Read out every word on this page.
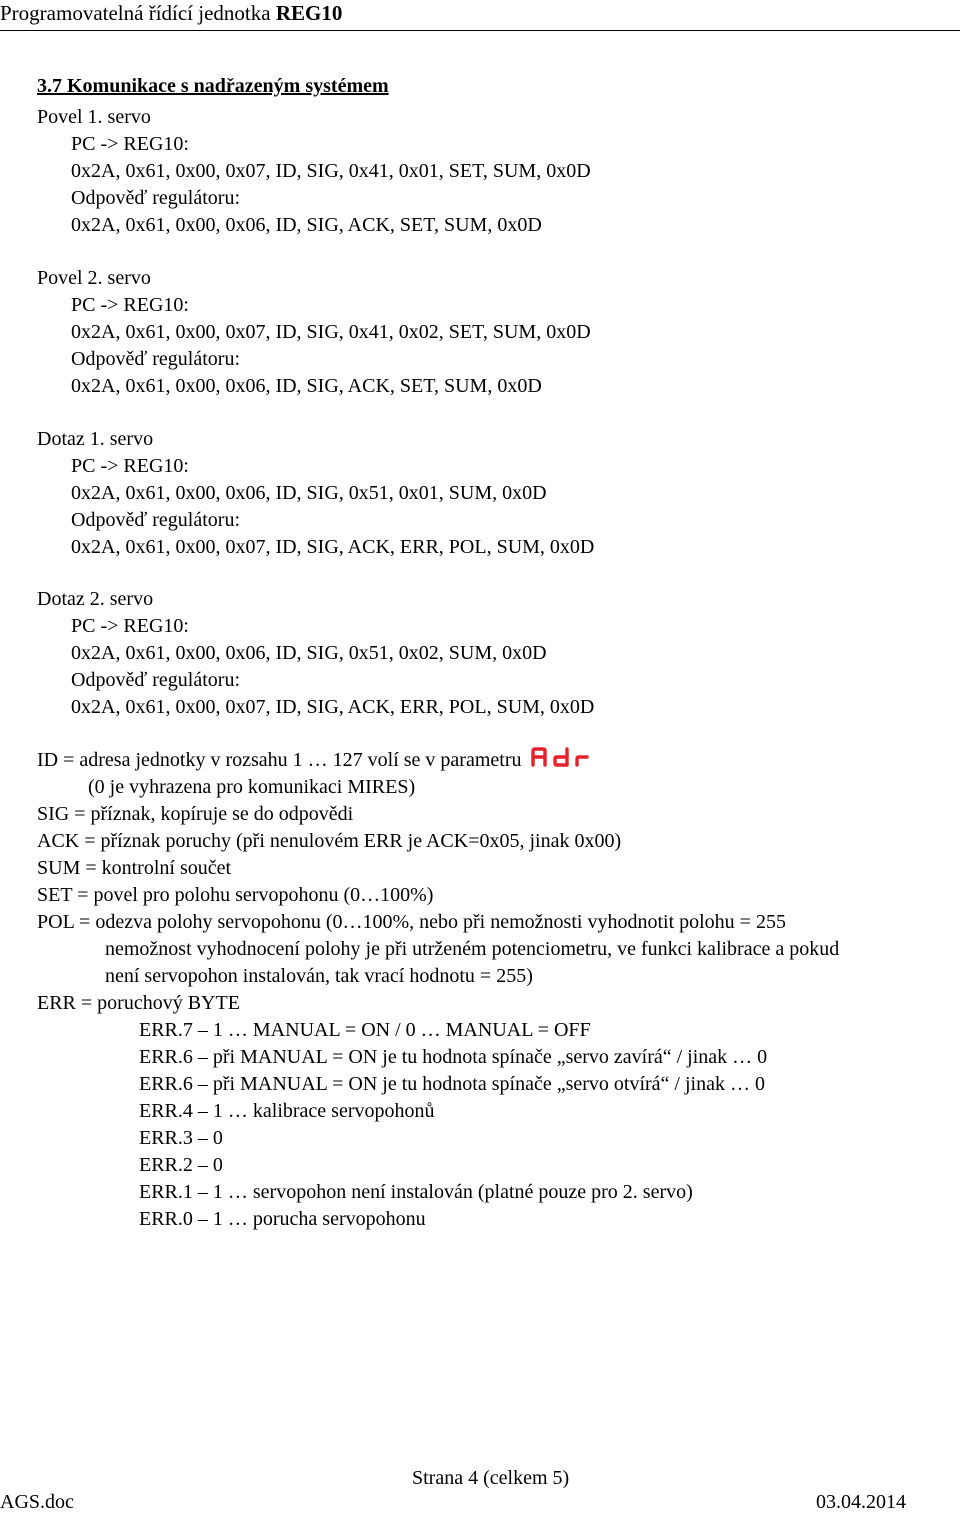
Programovatelná řídící jednotka REG10
3.7 Komunikace s nadřazeným systémem
Povel 1. servo
PC -> REG10:
0x2A, 0x61, 0x00, 0x07, ID, SIG, 0x41, 0x01, SET, SUM, 0x0D
Odpověď regulátoru:
0x2A, 0x61, 0x00, 0x06, ID, SIG, ACK, SET, SUM, 0x0D
Povel 2. servo
PC -> REG10:
0x2A, 0x61, 0x00, 0x07, ID, SIG, 0x41, 0x02, SET, SUM, 0x0D
Odpověď regulátoru:
0x2A, 0x61, 0x00, 0x06, ID, SIG, ACK, SET, SUM, 0x0D
Dotaz 1. servo
PC -> REG10:
0x2A, 0x61, 0x00, 0x06, ID, SIG, 0x51, 0x01, SUM, 0x0D
Odpověď regulátoru:
0x2A, 0x61, 0x00, 0x07, ID, SIG, ACK, ERR, POL, SUM, 0x0D
Dotaz 2. servo
PC -> REG10:
0x2A, 0x61, 0x00, 0x06, ID, SIG, 0x51, 0x02, SUM, 0x0D
Odpověď regulátoru:
0x2A, 0x61, 0x00, 0x07, ID, SIG, ACK, ERR, POL, SUM, 0x0D
ID = adresa jednotky v rozsahu 1 … 127 volí se v parametru
(0 je vyhrazena pro komunikaci MIRES)
SIG = příznak, kopíruje se do odpovědi
ACK = příznak poruchy (při nenulovém ERR je ACK=0x05, jinak 0x00)
SUM = kontrolní součet
SET = povel pro polohu servopohonu (0…100%)
POL = odezva polohy servopohonu (0…100%, nebo při nemožnosti vyhodnotit polohu = 255
nemožnost vyhodnocení polohy je při utrženém potenciometru, ve funkci kalibrace a pokud
není servopohon instalován, tak vrací hodnotu = 255)
ERR = poruchový BYTE
ERR.7 – 1 … MANUAL = ON / 0 … MANUAL = OFF
ERR.6 – při MANUAL = ON je tu hodnota spínače „servo zavírá“ / jinak … 0
ERR.6 – při MANUAL = ON je tu hodnota spínače „servo otvírá“ / jinak … 0
ERR.4 – 1 … kalibrace servopohonů
ERR.3 – 0
ERR.2 – 0
ERR.1 – 1 … servopohon není instalován (platné pouze pro 2. servo)
ERR.0 – 1 … porucha servopohonu
Strana 4 (celkem 5)
AGS.doc	03.04.2014
